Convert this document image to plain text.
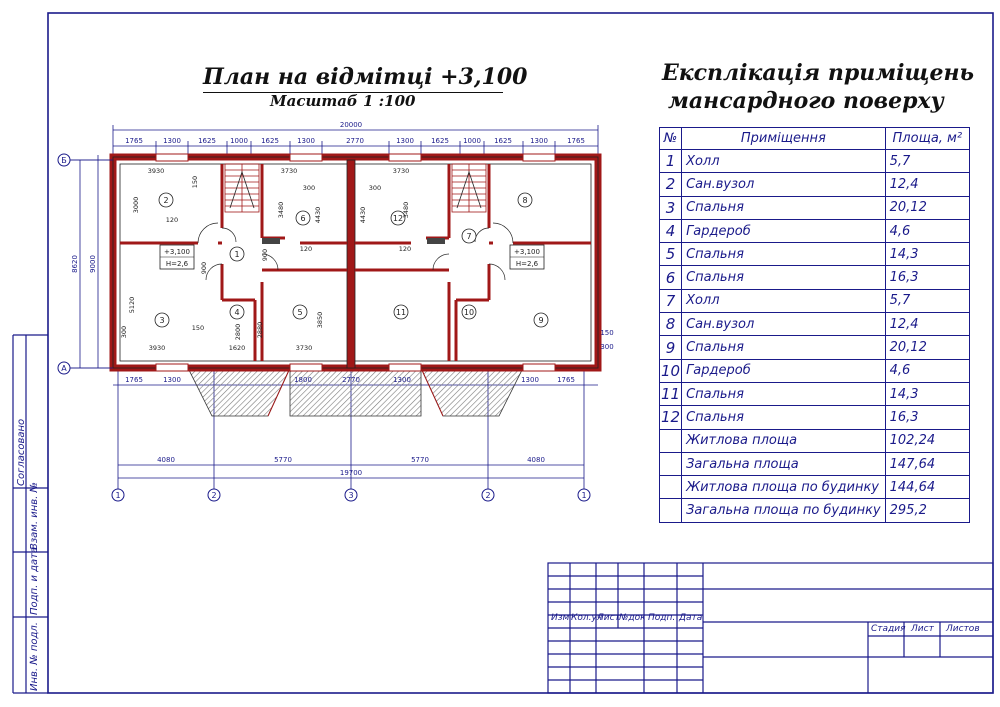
20000
1765	1300 1625 1000 1625	1300	2770	1300 1625 1000 1625	1300	1765
8620 9000
1765	1300	1800	2770	1300	1300	1765
4080	5770	5770	4080
19700
1	2	3	2	1
Б
А
150
300
1
2
3
4	5
6
7
8
9
10
11
12
+3,100
H=2,6
+3,100
H=2,6
3930
3000
120
150
5120
300
3930
4430
3480
3730
300
900
900
3850
2880
1620
2800
3730
120
4430	3480
3730
300
120
150
План на відмітці +3,100
Масштаб 1 :100
Експлікація приміщень
мансардного поверху
№	Приміщення	Площа, м²
1	Холл	5,7
2	Сан.вузол	12,4
3	Спальня	20,12
4	Гардероб	4,6
5	Спальня	14,3
6	Спальня	16,3
7	Холл	5,7
8	Сан.вузол	12,4
9	Спальня	20,12
10	Гардероб	4,6
11	Спальня	14,3
12	Спальня	16,3
	Житлова площа	102,24
	Загальна площа	147,64
	Житлова площа по будинку	144,64
	Загальна площа по будинку	295,2
Согласовано
Взам. инв. №
Подп. и дата
Инв. № подл.
Изм Кол.уч
Лист №док Подп. Дата
Стадия Лист Листов
